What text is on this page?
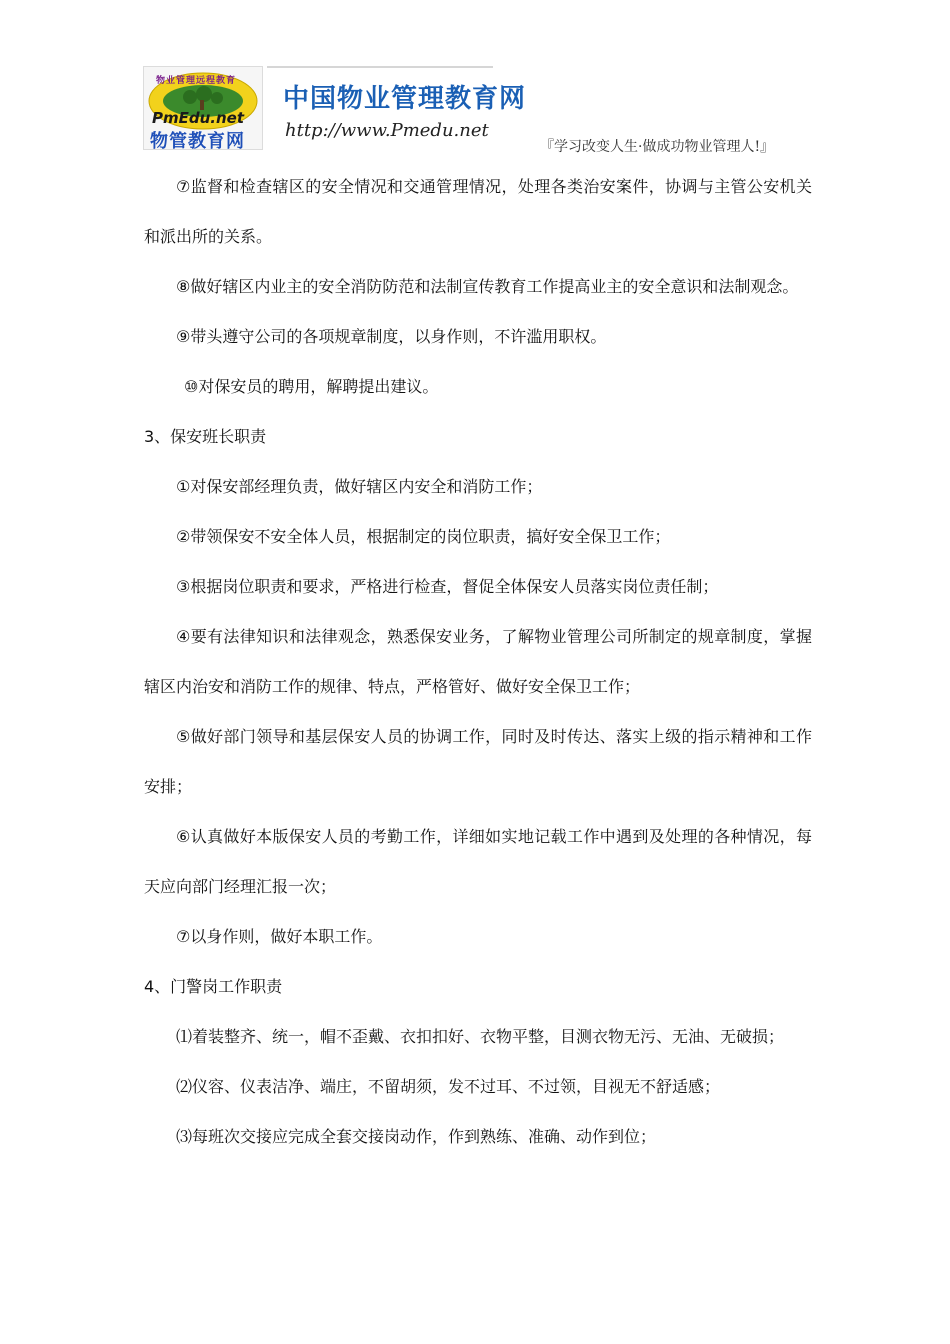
物业管理远程教育
PmEdu.net
物管教育网
中国物业管理教育网
http://www.Pmedu.net
『学习改变人生·做成功物业管理人!』

⑦监督和检查辖区的安全情况和交通管理情况，处理各类治安案件，协调与主管公安机关和派出所的关系。

⑧做好辖区内业主的安全消防防范和法制宣传教育工作提高业主的安全意识和法制观念。

⑨带头遵守公司的各项规章制度，以身作则，不许滥用职权。

⑩对保安员的聘用，解聘提出建议。

3、保安班长职责

①对保安部经理负责，做好辖区内安全和消防工作；

②带领保安不安全体人员，根据制定的岗位职责，搞好安全保卫工作；

③根据岗位职责和要求，严格进行检查，督促全体保安人员落实岗位责任制；

④要有法律知识和法律观念，熟悉保安业务，了解物业管理公司所制定的规章制度，掌握辖区内治安和消防工作的规律、特点，严格管好、做好安全保卫工作；

⑤做好部门领导和基层保安人员的协调工作，同时及时传达、落实上级的指示精神和工作安排；

⑥认真做好本版保安人员的考勤工作，详细如实地记载工作中遇到及处理的各种情况，每天应向部门经理汇报一次；

⑦以身作则，做好本职工作。

4、门警岗工作职责

⑴着装整齐、统一，帽不歪戴、衣扣扣好、衣物平整，目测衣物无污、无油、无破损；

⑵仪容、仪表洁净、端庄，不留胡须，发不过耳、不过领，目视无不舒适感；

⑶每班次交接应完成全套交接岗动作，作到熟练、准确、动作到位；
